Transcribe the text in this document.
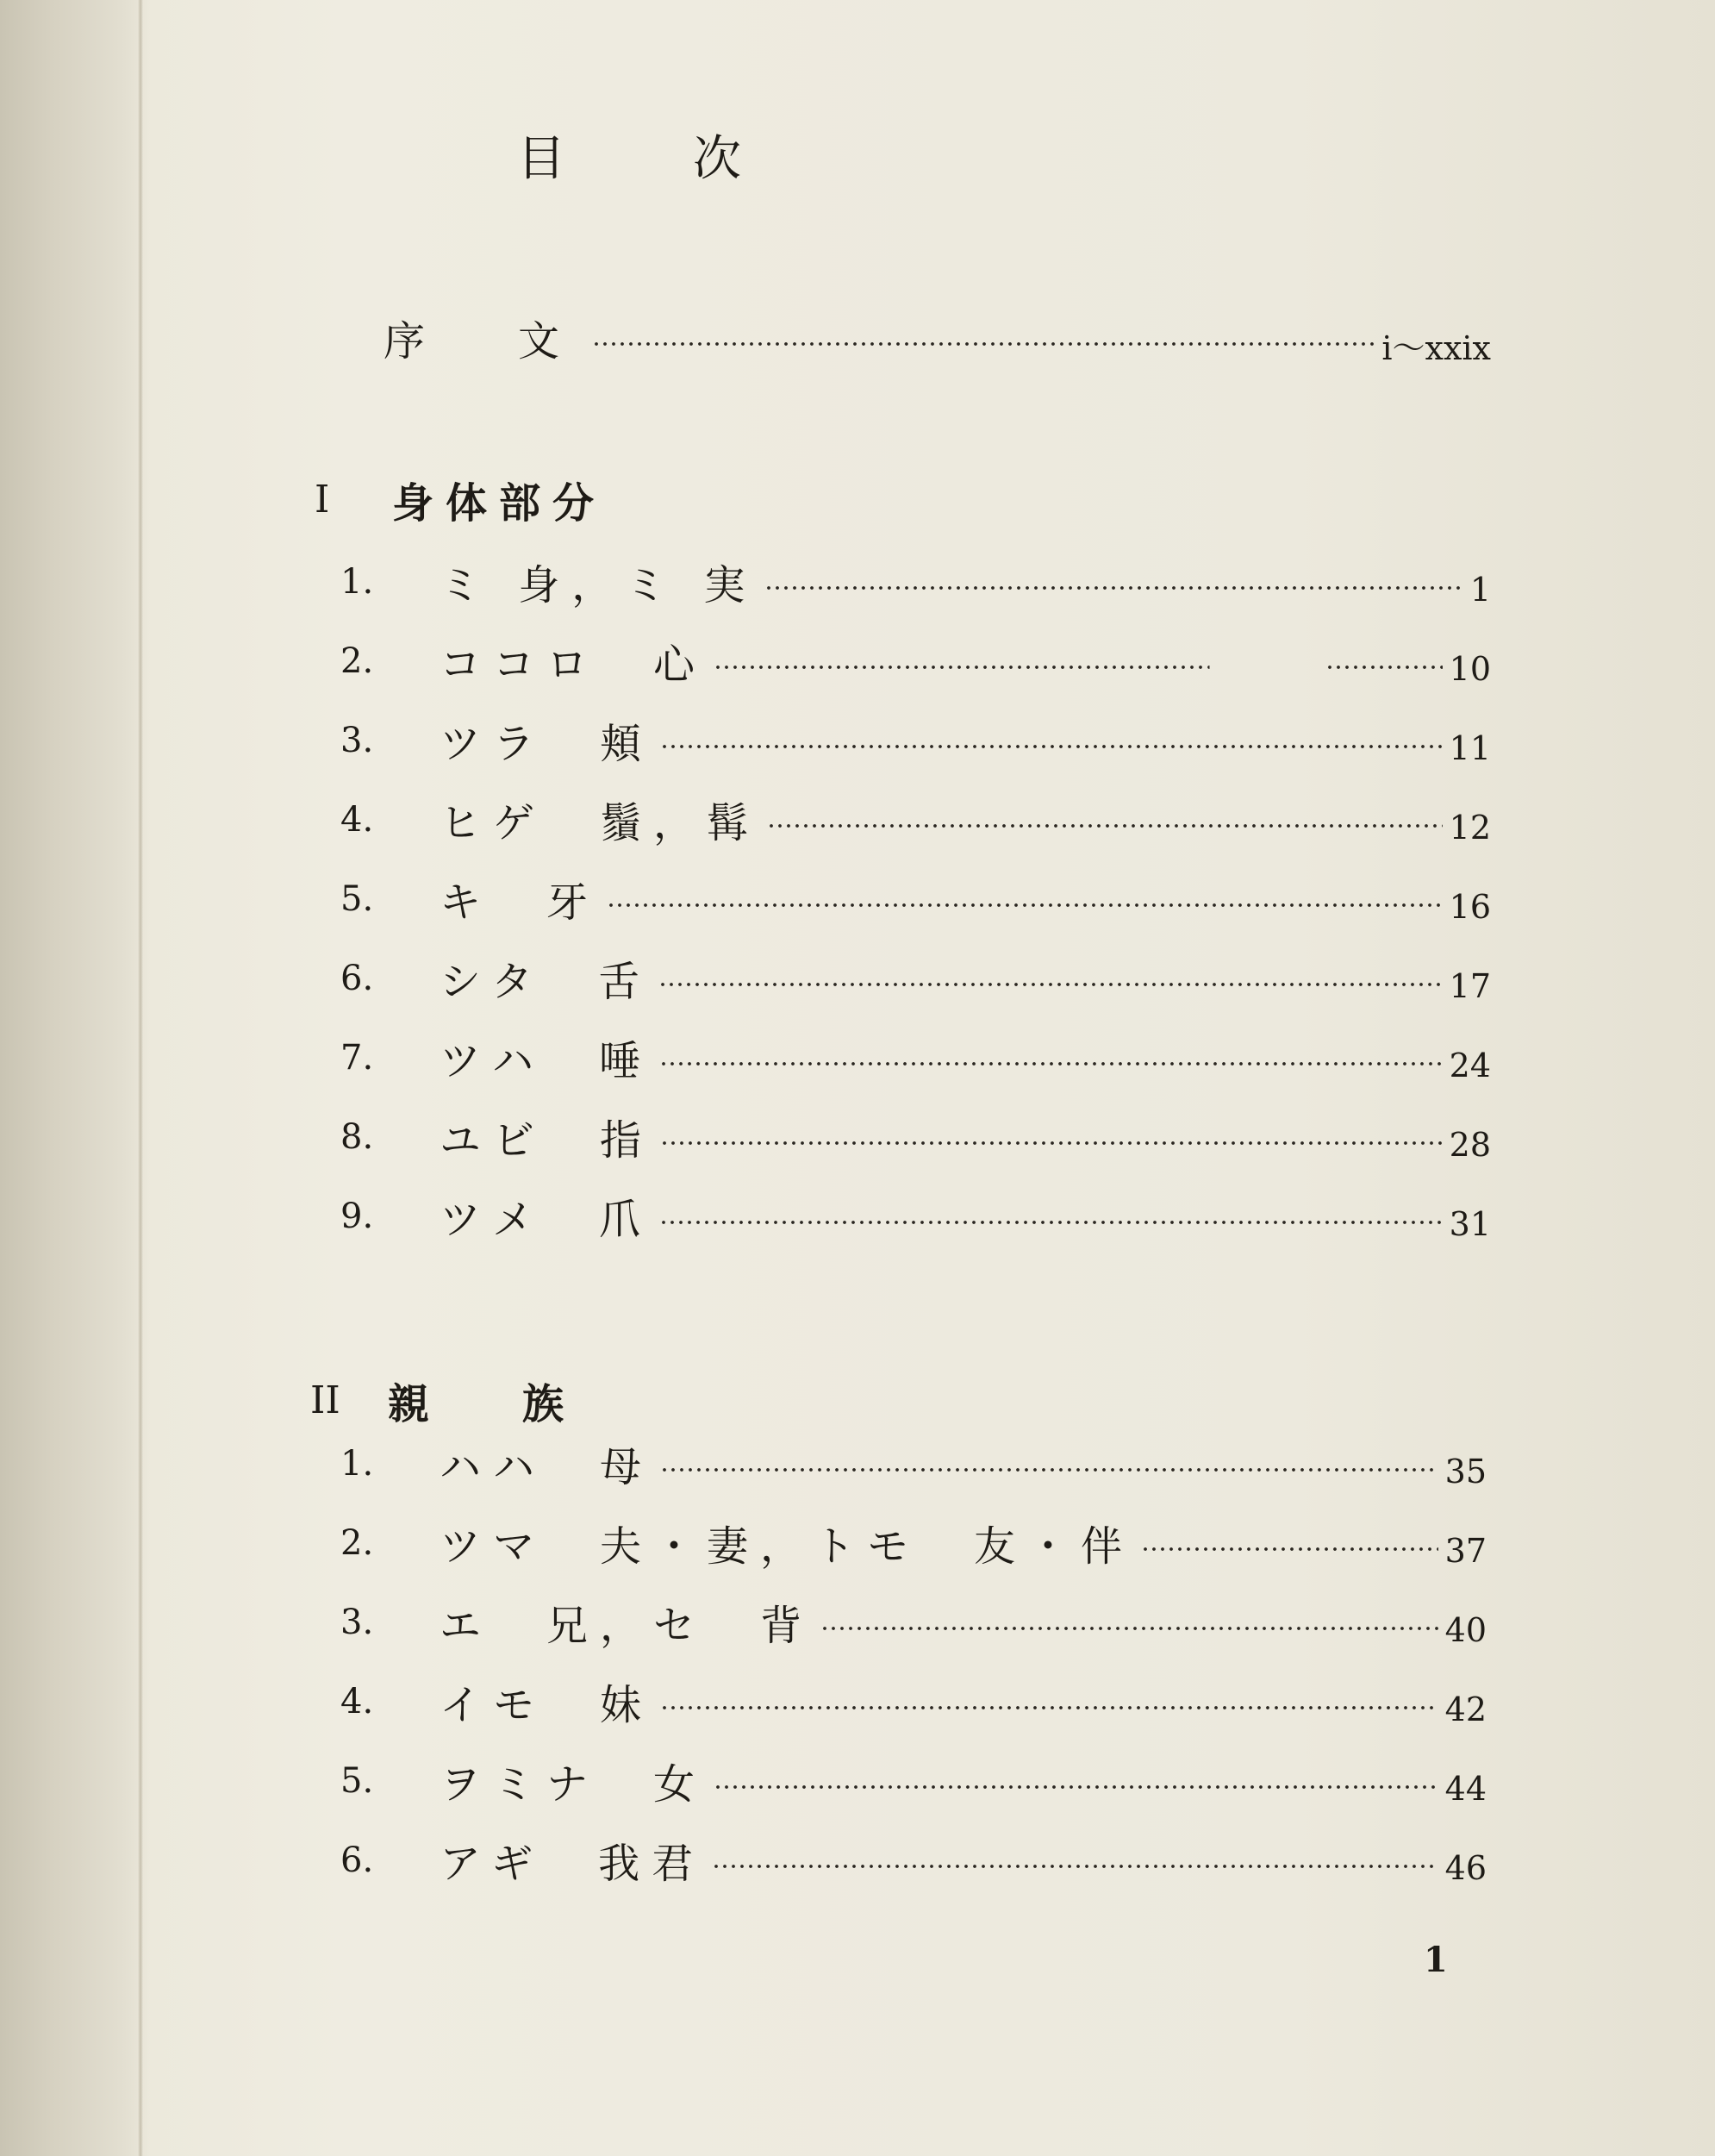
目	次
序　文	i～xxix
I	身体部分
1.	ミ 身，ミ 実	1
2.	ココロ　心	10
3.	ツラ　頬	11
4.	ヒゲ　鬚，髯	12
5.	キ　牙	16
6.	シタ　舌	17
7.	ツハ　唾	24
8.	ユビ　指	28
9.	ツメ　爪	31
II	親　族
1.	ハハ　母	35
2.	ツマ　夫・妻，トモ　友・伴	37
3.	エ　兄，セ　背	40
4.	イモ　妹	42
5.	ヲミナ　女	44
6.	アギ　我君	46
1
